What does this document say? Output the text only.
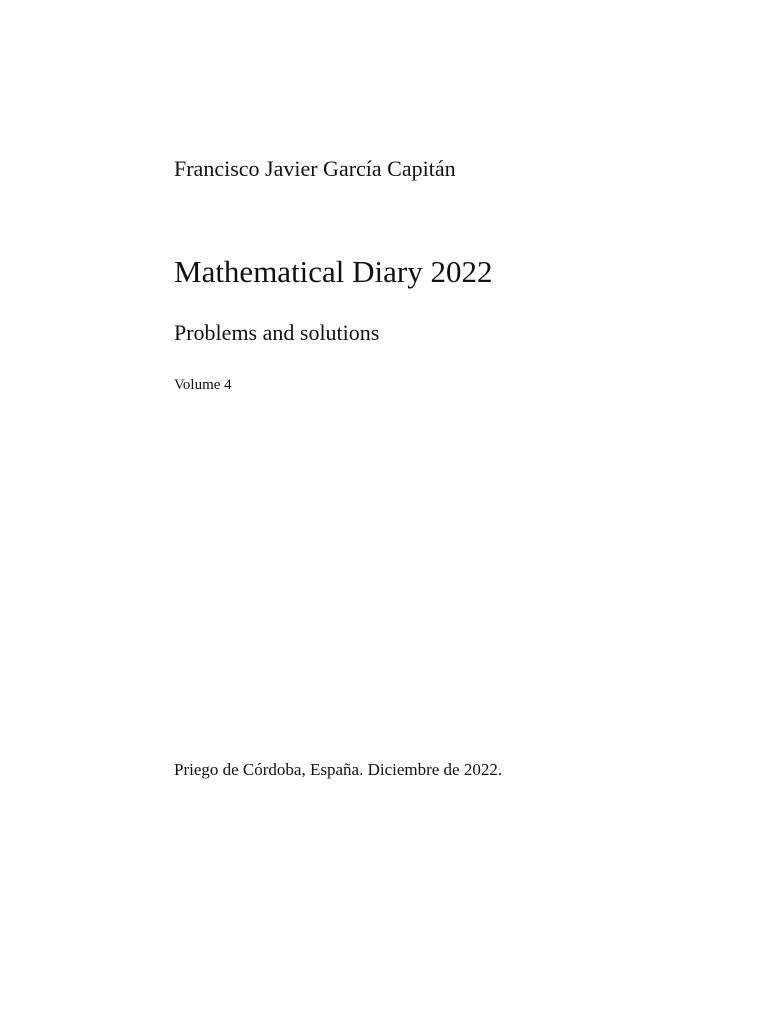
Francisco Javier García Capitán
Mathematical Diary 2022
Problems and solutions
Volume 4
Priego de Córdoba, España. Diciembre de 2022.
